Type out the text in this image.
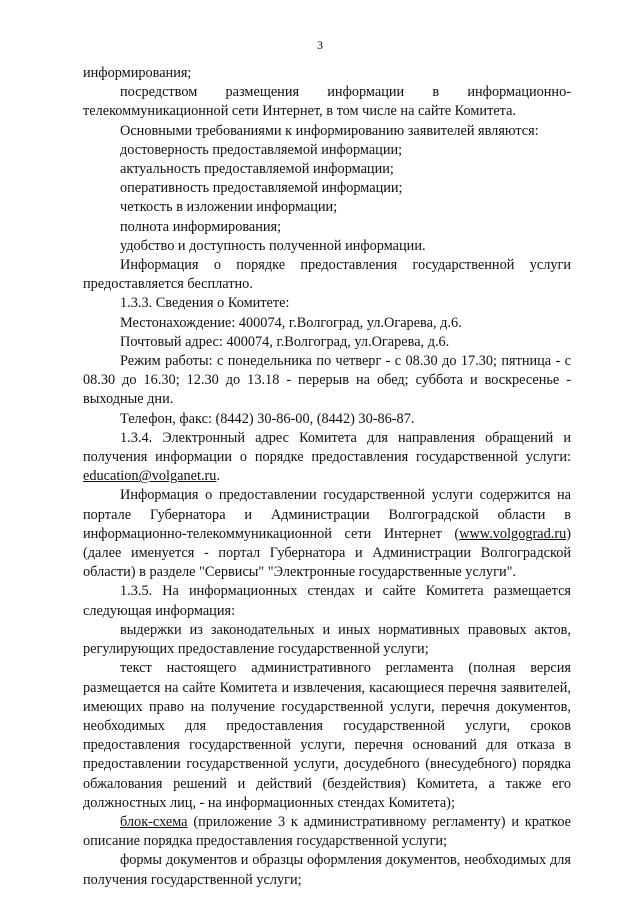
3

информирования;

посредством размещения информации в информационно-телекоммуникационной сети Интернет, в том числе на сайте Комитета.

Основными требованиями к информированию заявителей являются:

достоверность предоставляемой информации;

актуальность предоставляемой информации;

оперативность предоставляемой информации;

четкость в изложении информации;

полнота информирования;

удобство и доступность полученной информации.

Информация о порядке предоставления государственной услуги предоставляется бесплатно.

1.3.3. Сведения о Комитете:

Местонахождение: 400074, г.Волгоград, ул.Огарева, д.6.

Почтовый адрес: 400074, г.Волгоград, ул.Огарева, д.6.

Режим работы: с понедельника по четверг - с 08.30 до 17.30; пятница - с 08.30 до 16.30; 12.30 до 13.18 - перерыв на обед; суббота и воскресенье - выходные дни.

Телефон, факс: (8442) 30-86-00, (8442) 30-86-87.

1.3.4. Электронный адрес Комитета для направления обращений и получения информации о порядке предоставления государственной услуги: education@volganet.ru.

Информация о предоставлении государственной услуги содержится на портале Губернатора и Администрации Волгоградской области в информационно-телекоммуникационной сети Интернет (www.volgograd.ru) (далее именуется - портал Губернатора и Администрации Волгоградской области) в разделе "Сервисы" "Электронные государственные услуги".

1.3.5. На информационных стендах и сайте Комитета размещается следующая информация:

выдержки из законодательных и иных нормативных правовых актов, регулирующих предоставление государственной услуги;

текст настоящего административного регламента (полная версия размещается на сайте Комитета и извлечения, касающиеся перечня заявителей, имеющих право на получение государственной услуги, перечня документов, необходимых для предоставления государственной услуги, сроков предоставления государственной услуги, перечня оснований для отказа в предоставлении государственной услуги, досудебного (внесудебного) порядка обжалования решений и действий (бездействия) Комитета, а также его должностных лиц, - на информационных стендах Комитета);

блок-схема (приложение 3 к административному регламенту) и краткое описание порядка предоставления государственной услуги;

формы документов и образцы оформления документов, необходимых для получения государственной услуги;
